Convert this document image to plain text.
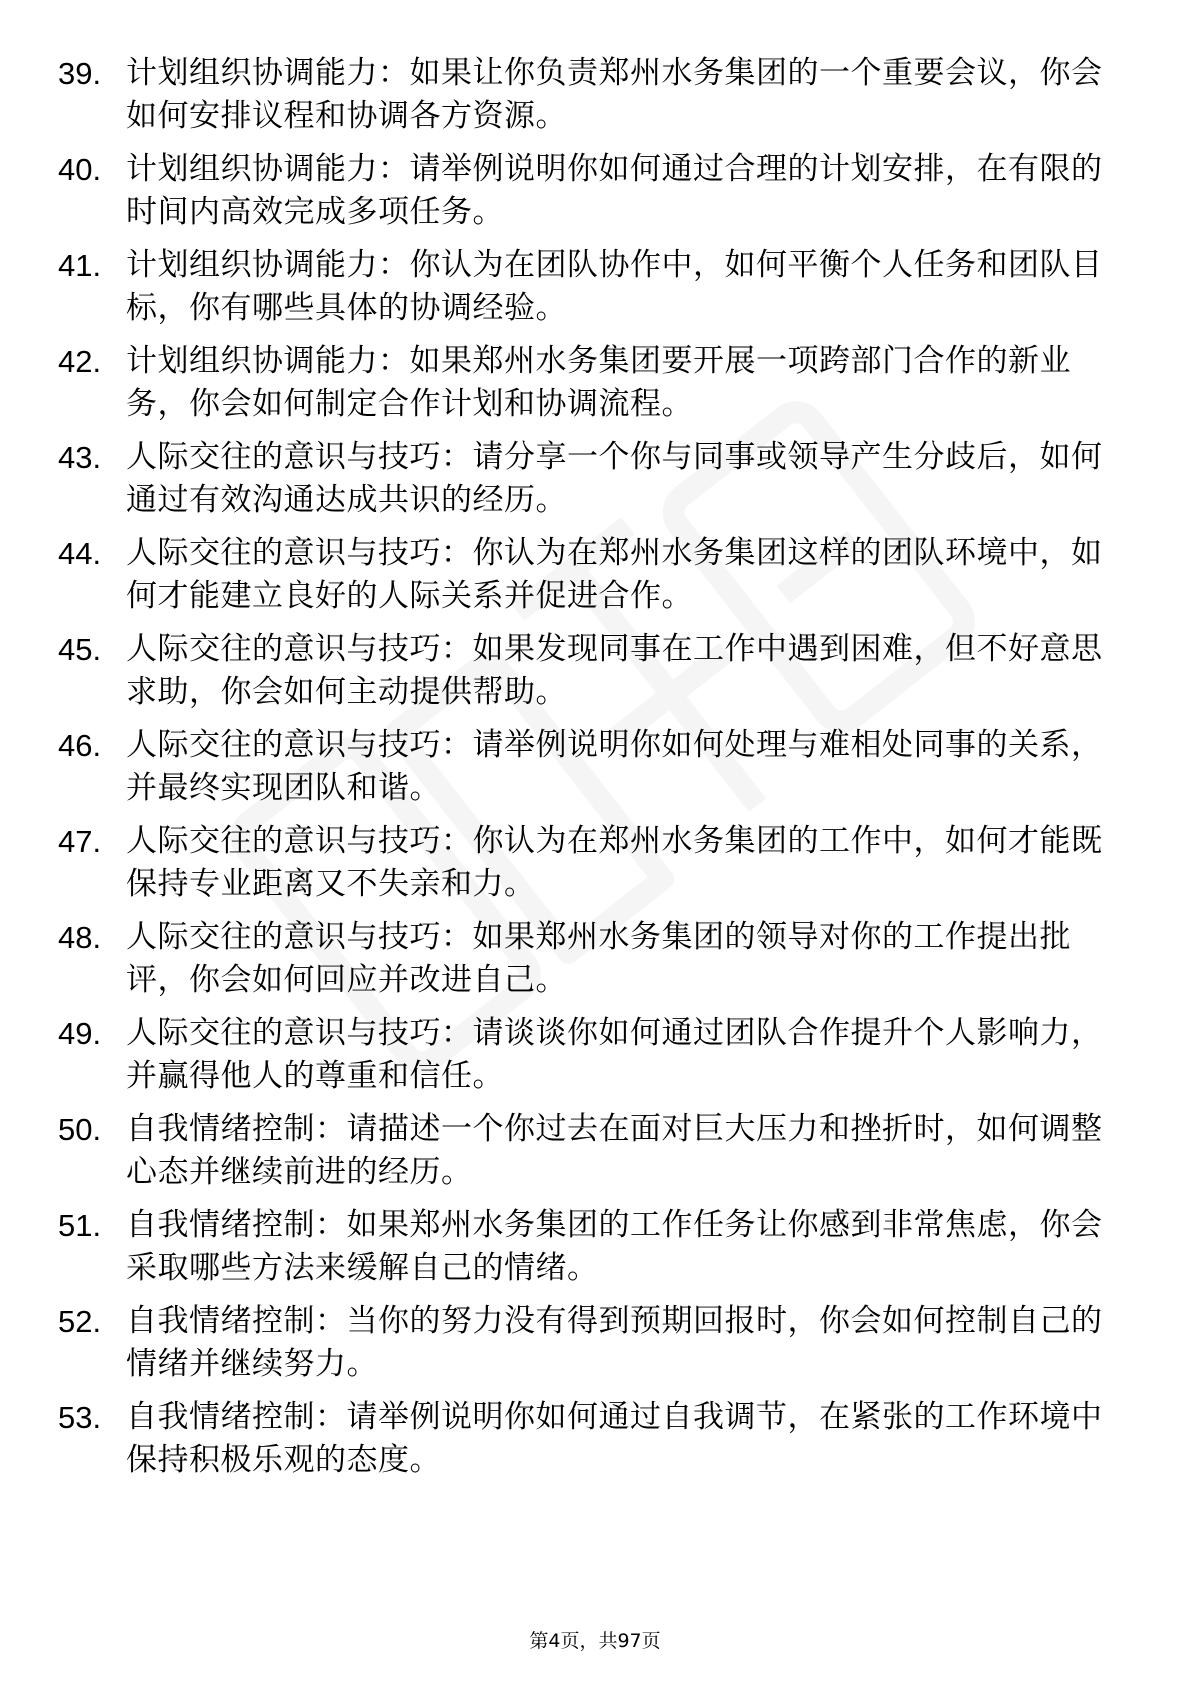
39. 计划组织协调能力：如果让你负责郑州水务集团的一个重要会议，你会如何安排议程和协调各方资源。
40. 计划组织协调能力：请举例说明你如何通过合理的计划安排，在有限的时间内高效完成多项任务。
41. 计划组织协调能力：你认为在团队协作中，如何平衡个人任务和团队目标，你有哪些具体的协调经验。
42. 计划组织协调能力：如果郑州水务集团要开展一项跨部门合作的新业务，你会如何制定合作计划和协调流程。
43. 人际交往的意识与技巧：请分享一个你与同事或领导产生分歧后，如何通过有效沟通达成共识的经历。
44. 人际交往的意识与技巧：你认为在郑州水务集团这样的团队环境中，如何才能建立良好的人际关系并促进合作。
45. 人际交往的意识与技巧：如果发现同事在工作中遇到困难，但不好意思求助，你会如何主动提供帮助。
46. 人际交往的意识与技巧：请举例说明你如何处理与难相处同事的关系，并最终实现团队和谐。
47. 人际交往的意识与技巧：你认为在郑州水务集团的工作中，如何才能既保持专业距离又不失亲和力。
48. 人际交往的意识与技巧：如果郑州水务集团的领导对你的工作提出批评，你会如何回应并改进自己。
49. 人际交往的意识与技巧：请谈谈你如何通过团队合作提升个人影响力，并赢得他人的尊重和信任。
50. 自我情绪控制：请描述一个你过去在面对巨大压力和挫折时，如何调整心态并继续前进的经历。
51. 自我情绪控制：如果郑州水务集团的工作任务让你感到非常焦虑，你会采取哪些方法来缓解自己的情绪。
52. 自我情绪控制：当你的努力没有得到预期回报时，你会如何控制自己的情绪并继续努力。
53. 自我情绪控制：请举例说明你如何通过自我调节，在紧张的工作环境中保持积极乐观的态度。
第4页，共97页
